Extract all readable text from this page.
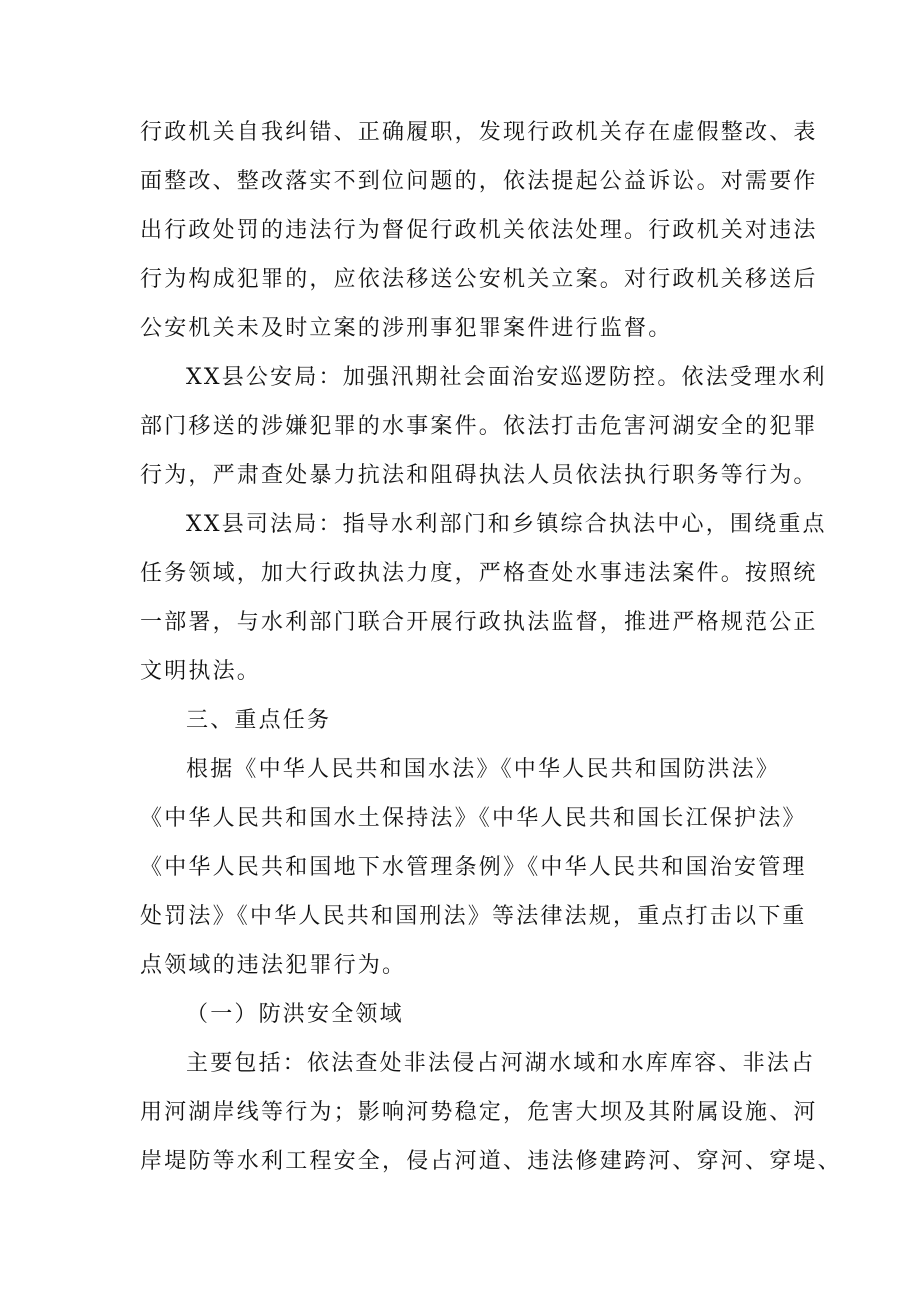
行政机关自我纠错、正确履职，发现行政机关存在虚假整改、表
面整改、整改落实不到位问题的，依法提起公益诉讼。对需要作
出行政处罚的违法行为督促行政机关依法处理。行政机关对违法
行为构成犯罪的，应依法移送公安机关立案。对行政机关移送后
公安机关未及时立案的涉刑事犯罪案件进行监督。
XX县公安局：加强汛期社会面治安巡逻防控。依法受理水利
部门移送的涉嫌犯罪的水事案件。依法打击危害河湖安全的犯罪
行为，严肃查处暴力抗法和阻碍执法人员依法执行职务等行为。
XX县司法局：指导水利部门和乡镇综合执法中心，围绕重点
任务领域，加大行政执法力度，严格查处水事违法案件。按照统
一部署，与水利部门联合开展行政执法监督，推进严格规范公正
文明执法。
三、重点任务
根据《中华人民共和国水法》《中华人民共和国防洪法》
《中华人民共和国水土保持法》《中华人民共和国长江保护法》
《中华人民共和国地下水管理条例》《中华人民共和国治安管理
处罚法》《中华人民共和国刑法》等法律法规，重点打击以下重
点领域的违法犯罪行为。
（一）防洪安全领域
主要包括：依法查处非法侵占河湖水域和水库库容、非法占
用河湖岸线等行为；影响河势稳定，危害大坝及其附属设施、河
岸堤防等水利工程安全，侵占河道、违法修建跨河、穿河、穿堤、
